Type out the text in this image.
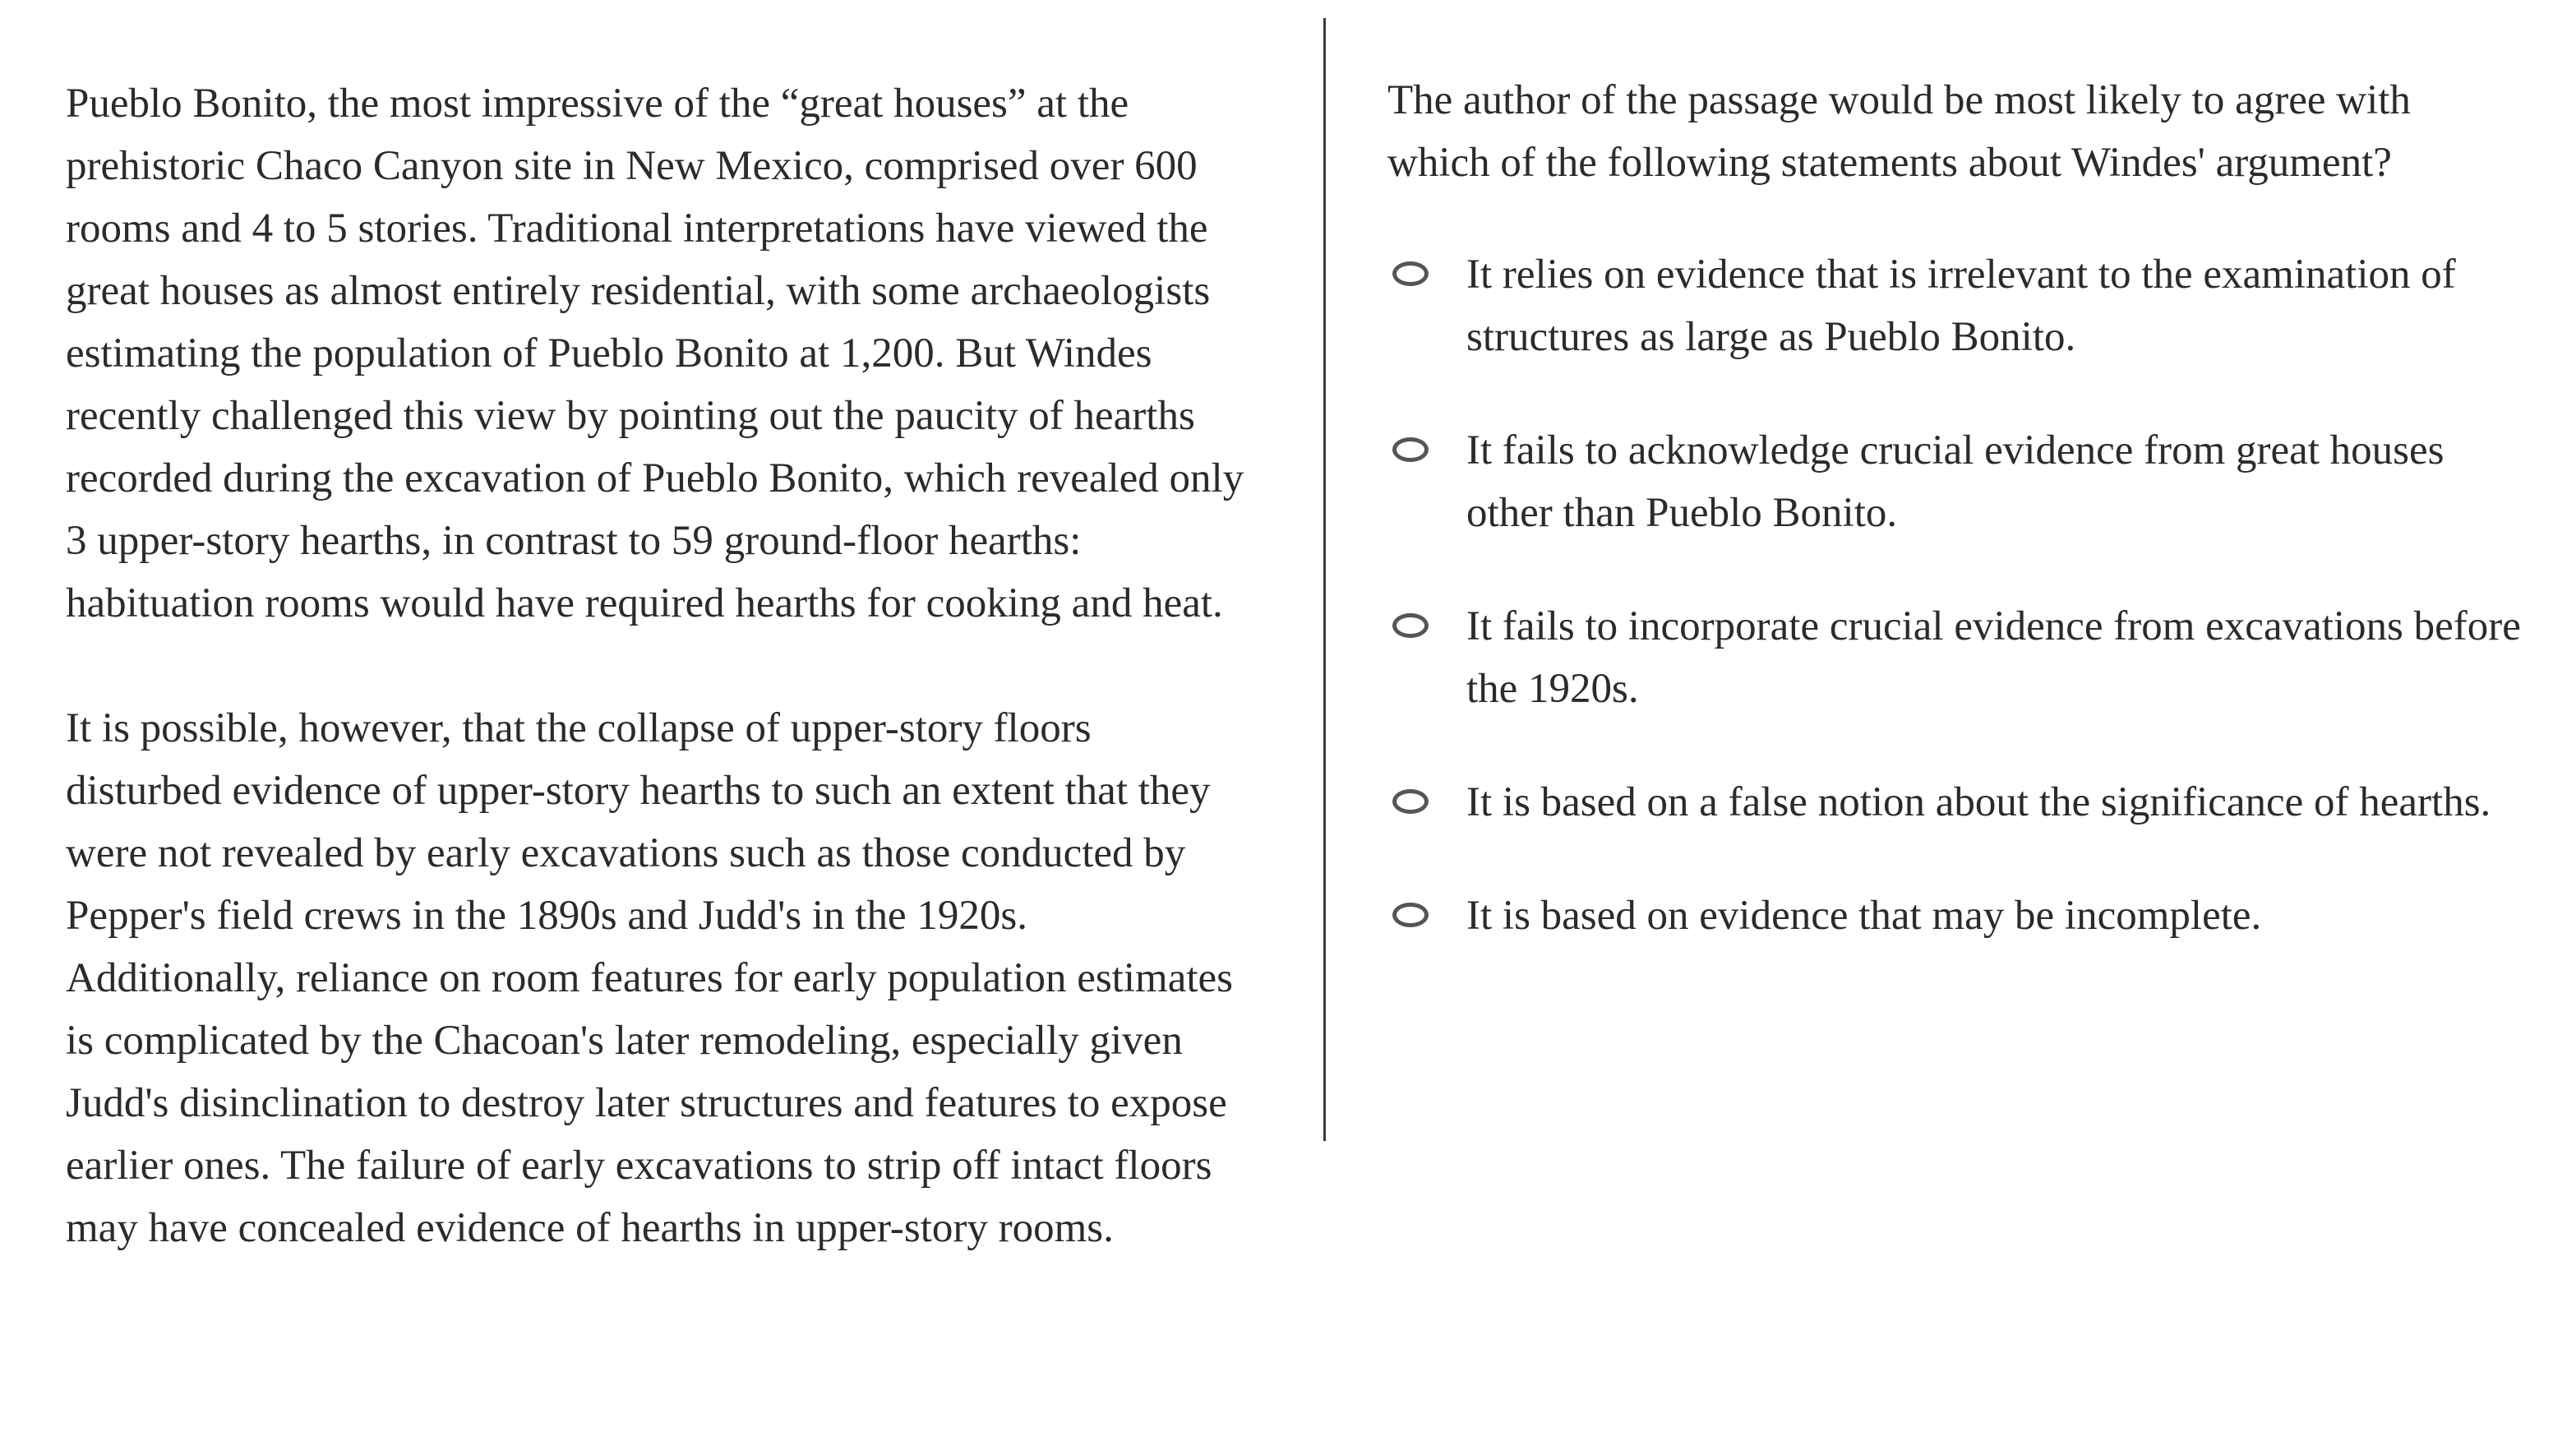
Pueblo Bonito, the most impressive of the “great houses” at the prehistoric Chaco Canyon site in New Mexico, comprised over 600 rooms and 4 to 5 stories. Traditional interpretations have viewed the great houses as almost entirely residential, with some archaeologists estimating the population of Pueblo Bonito at 1,200. But Windes recently challenged this view by pointing out the paucity of hearths recorded during the excavation of Pueblo Bonito, which revealed only 3 upper-story hearths, in contrast to 59 ground-floor hearths: habituation rooms would have required hearths for cooking and heat.

It is possible, however, that the collapse of upper-story floors disturbed evidence of upper-story hearths to such an extent that they were not revealed by early excavations such as those conducted by Pepper's field crews in the 1890s and Judd's in the 1920s. Additionally, reliance on room features for early population estimates is complicated by the Chacoan's later remodeling, especially given Judd's disinclination to destroy later structures and features to expose earlier ones. The failure of early excavations to strip off intact floors may have concealed evidence of hearths in upper-story rooms.

The author of the passage would be most likely to agree with which of the following statements about Windes' argument?

It relies on evidence that is irrelevant to the examination of structures as large as Pueblo Bonito.
It fails to acknowledge crucial evidence from great houses other than Pueblo Bonito.
It fails to incorporate crucial evidence from excavations before the 1920s.
It is based on a false notion about the significance of hearths.
It is based on evidence that may be incomplete.
